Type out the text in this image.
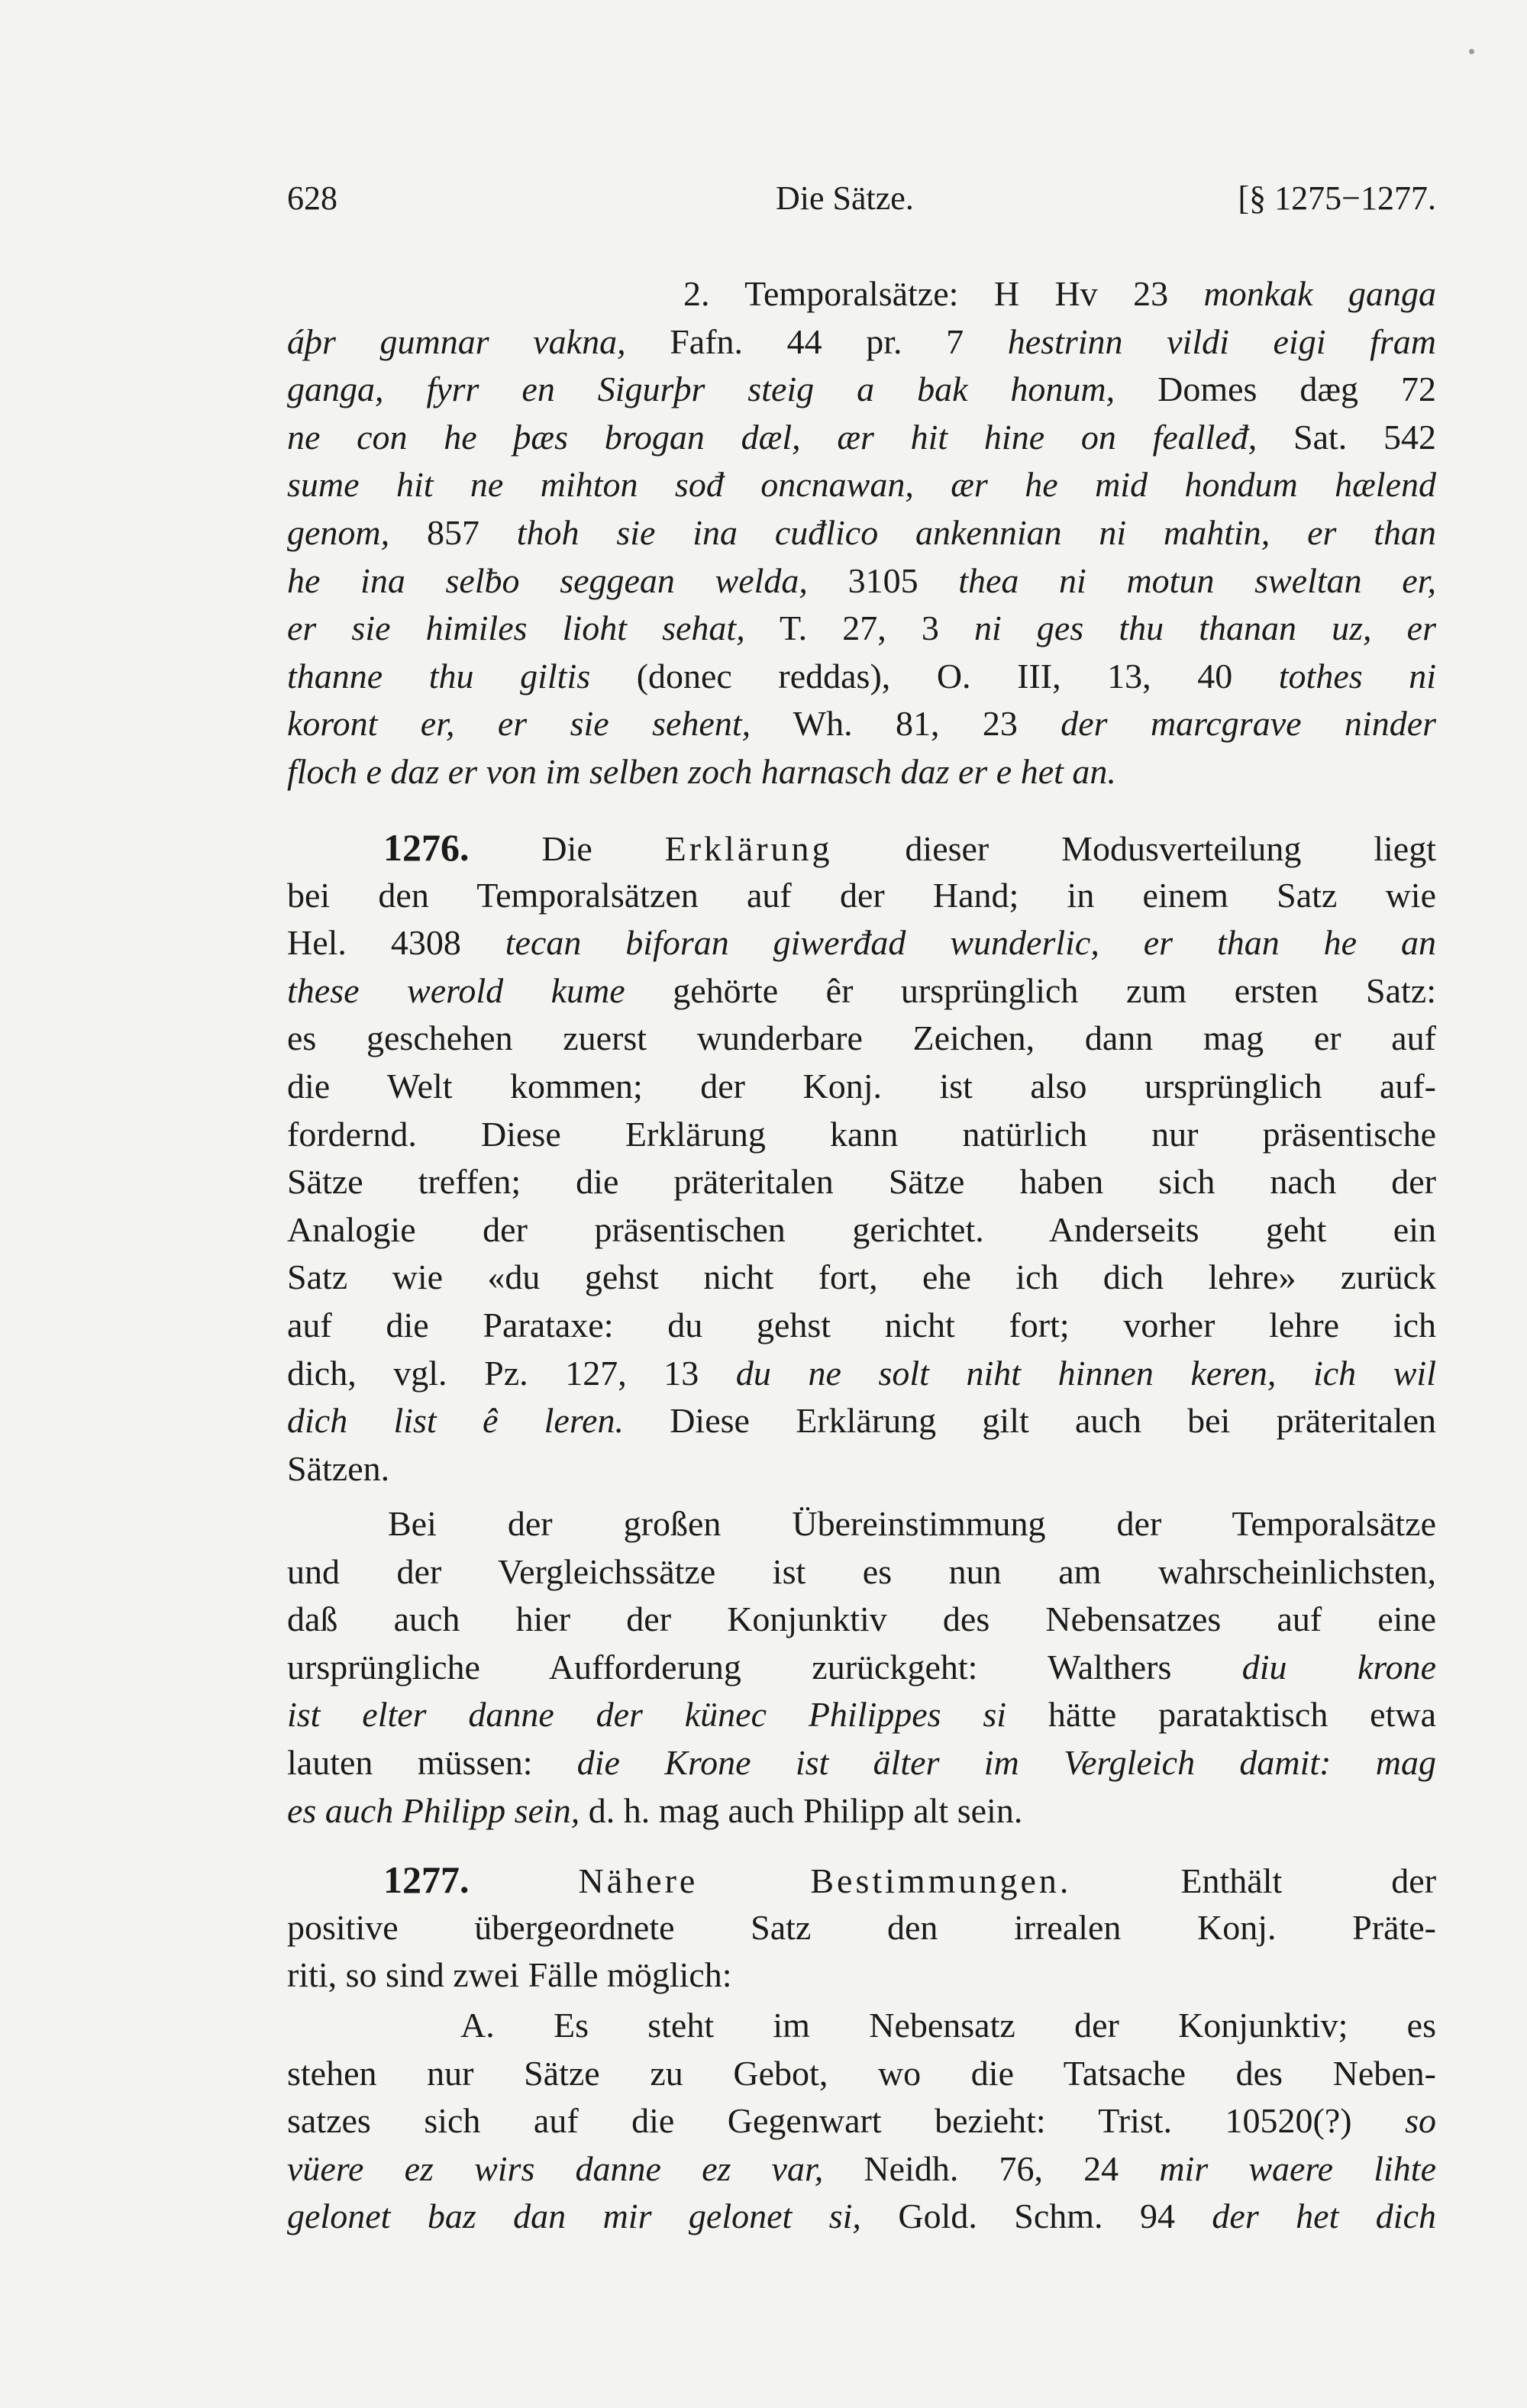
628	Die Sätze.	[§ 1275−1277.
2. Temporalsätze: H Hv 23 monkak ganga
áþr gumnar vakna, Fafn. 44 pr. 7 hestrinn vildi eigi fram
ganga, fyrr en Sigurþr steig a bak honum, Domes dæg 72
ne con he þæs brogan dæl, ær hit hine on fealleđ, Sat. 542
sume hit ne mihton sođ oncnawan, ær he mid hondum hælend
genom, 857 thoh sie ina cuđlico ankennian ni mahtin, er than
he ina selƀo seggean welda, 3105 thea ni motun sweltan er,
er sie himiles lioht sehat, T. 27, 3 ni ges thu thanan uz, er
thanne thu giltis (donec reddas), O. III, 13, 40 tothes ni
koront er, er sie sehent, Wh. 81, 23 der marcgrave ninder
floch e daz er von im selben zoch harnasch daz er e het an.
1276. Die Erklärung dieser Modusverteilung liegt
bei den Temporalsätzen auf der Hand; in einem Satz wie
Hel. 4308 tecan biforan giwerđad wunderlic, er than he an
these werold kume gehörte êr ursprünglich zum ersten Satz:
es geschehen zuerst wunderbare Zeichen, dann mag er auf
die Welt kommen; der Konj. ist also ursprünglich auf-
fordernd. Diese Erklärung kann natürlich nur präsentische
Sätze treffen; die präteritalen Sätze haben sich nach der
Analogie der präsentischen gerichtet. Anderseits geht ein
Satz wie «du gehst nicht fort, ehe ich dich lehre» zurück
auf die Parataxe: du gehst nicht fort; vorher lehre ich
dich, vgl. Pz. 127, 13 du ne solt niht hinnen keren, ich wil
dich list ê leren. Diese Erklärung gilt auch bei präteritalen
Sätzen.
Bei der großen Übereinstimmung der Temporalsätze
und der Vergleichssätze ist es nun am wahrscheinlichsten,
daß auch hier der Konjunktiv des Nebensatzes auf eine
ursprüngliche Aufforderung zurückgeht: Walthers diu krone
ist elter danne der künec Philippes si hätte parataktisch etwa
lauten müssen: die Krone ist älter im Vergleich damit: mag
es auch Philipp sein, d. h. mag auch Philipp alt sein.
1277.	Nähere Bestimmungen. Enthält der
positive übergeordnete Satz den irrealen Konj. Präte-
riti, so sind zwei Fälle möglich:
A. Es steht im Nebensatz der Konjunktiv; es
stehen nur Sätze zu Gebot, wo die Tatsache des Neben-
satzes sich auf die Gegenwart bezieht: Trist. 10520(?) so
vüere ez wirs danne ez var, Neidh. 76, 24 mir waere lihte
gelonet baz dan mir gelonet si, Gold. Schm. 94 der het dich
